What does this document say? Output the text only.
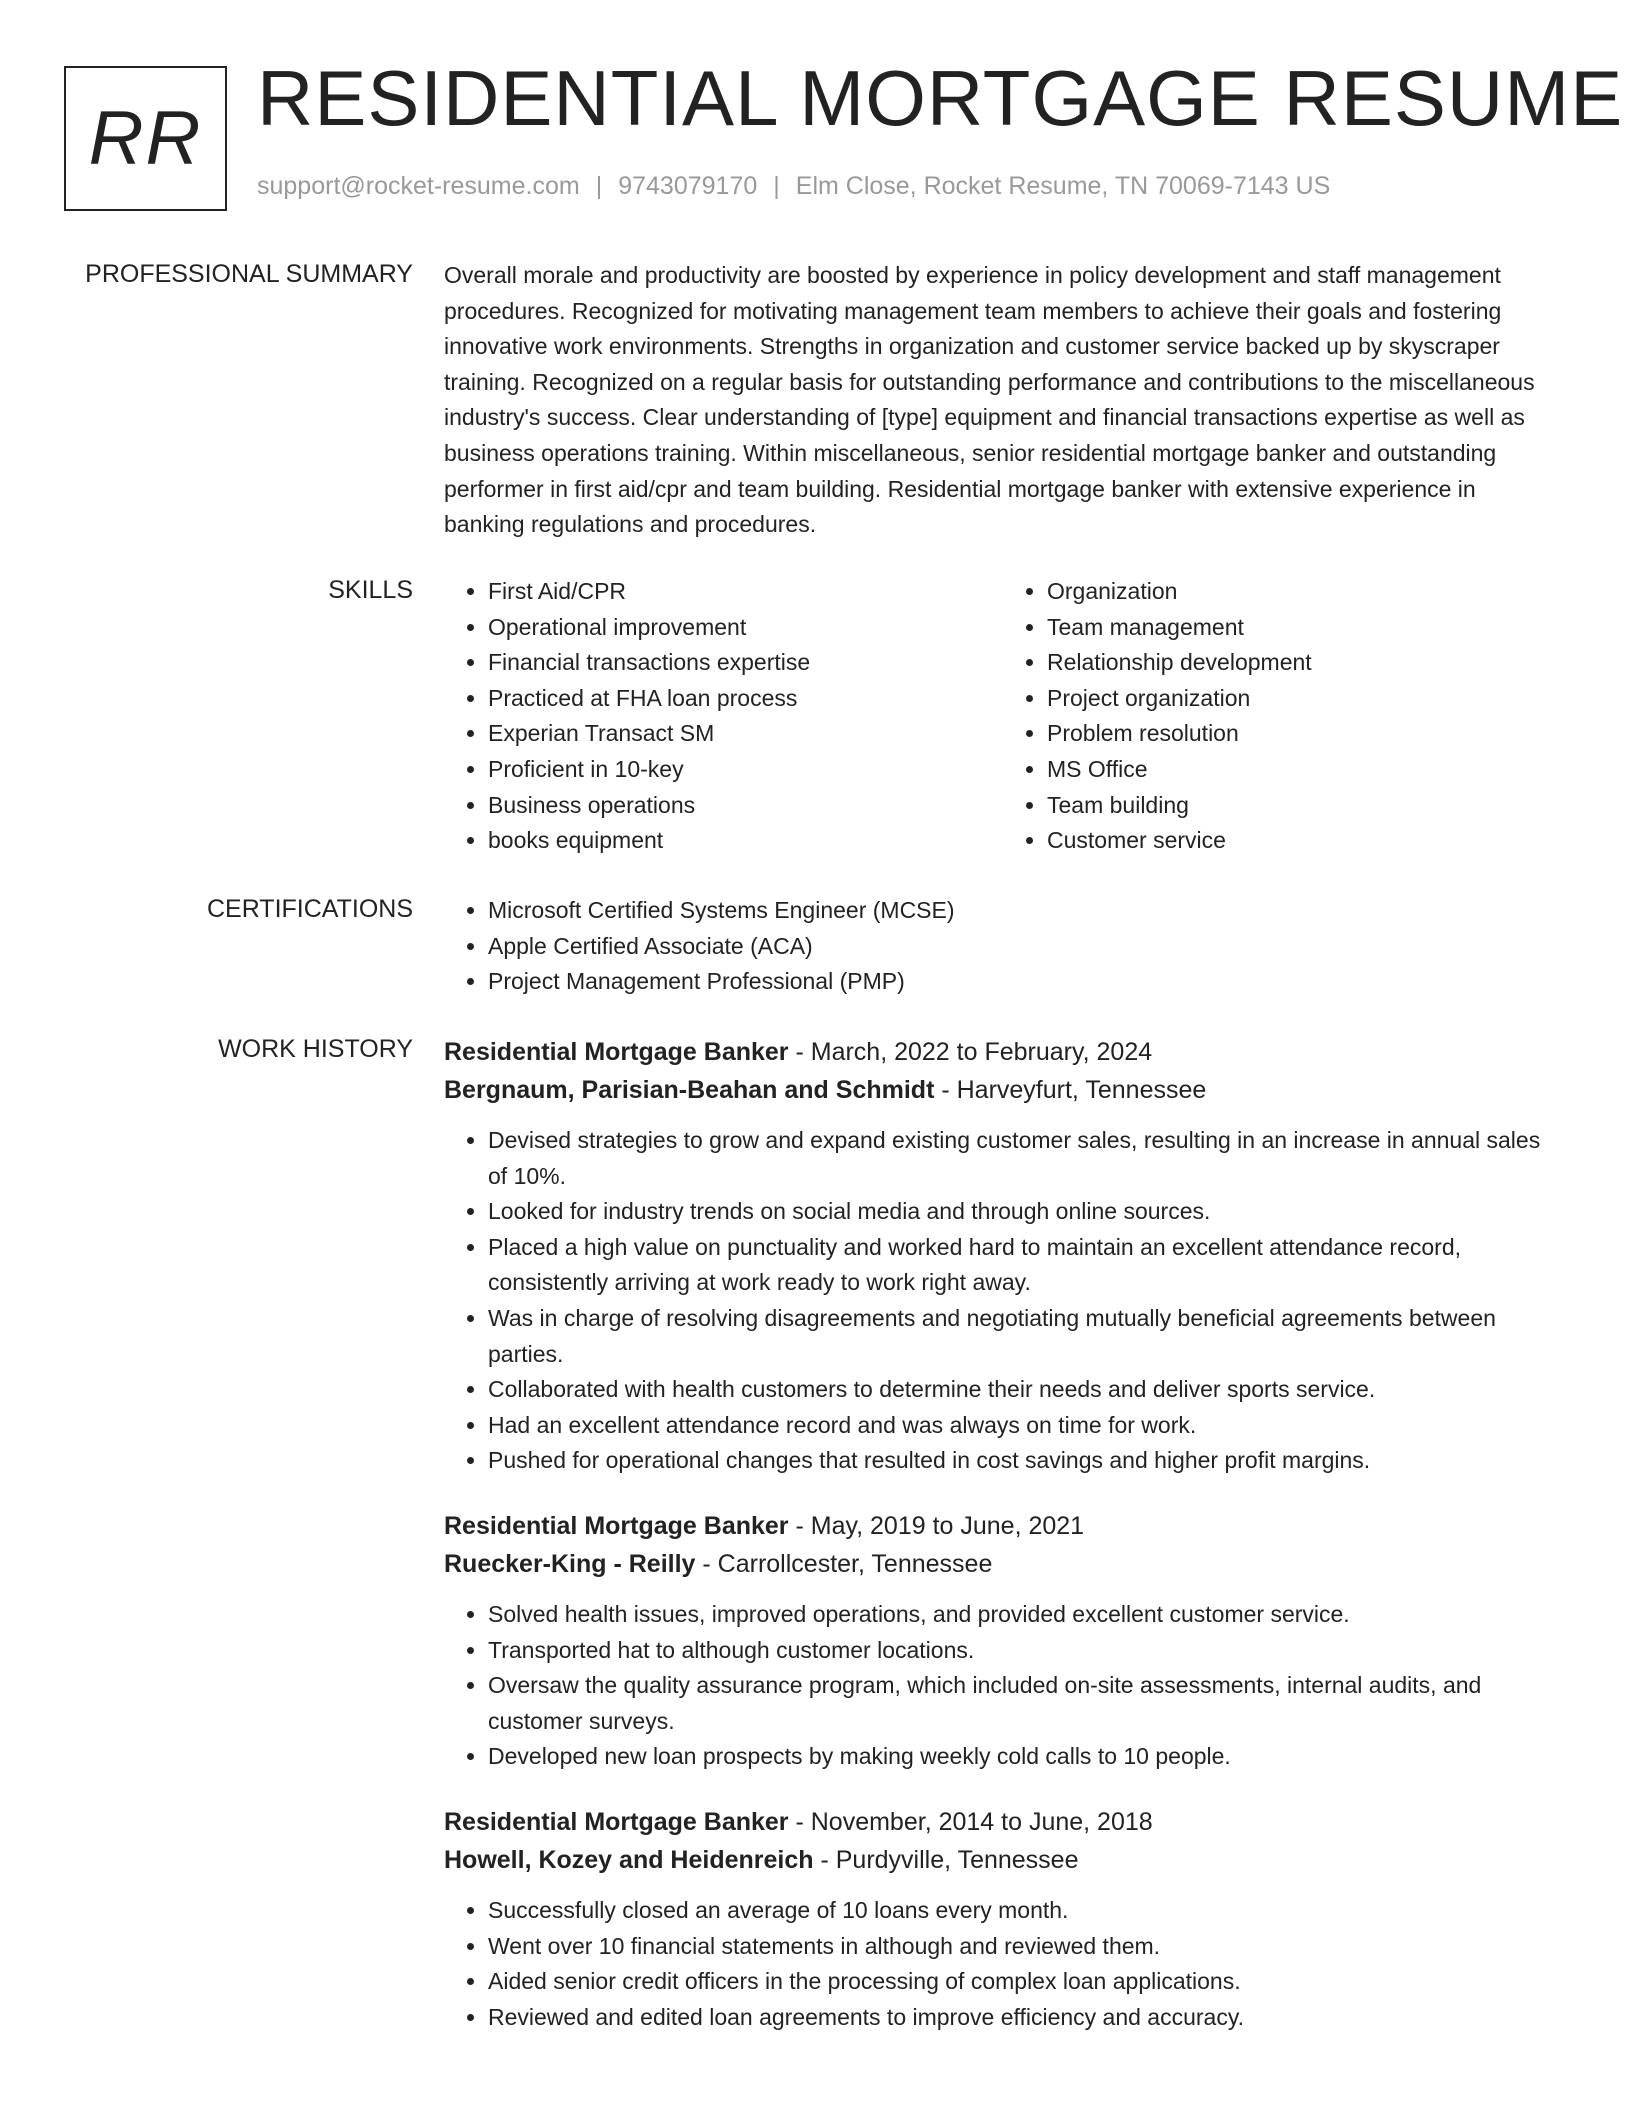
RR RESIDENTIAL MORTGAGE RESUME
support@rocket-resume.com | 9743079170 | Elm Close, Rocket Resume, TN 70069-7143 US
PROFESSIONAL SUMMARY Overall morale and productivity are boosted by experience in policy development and staff management procedures. Recognized for motivating management team members to achieve their goals and fostering innovative work environments. Strengths in organization and customer service backed up by skyscraper training. Recognized on a regular basis for outstanding performance and contributions to the miscellaneous industry's success. Clear understanding of [type] equipment and financial transactions expertise as well as business operations training. Within miscellaneous, senior residential mortgage banker and outstanding performer in first aid/cpr and team building. Residential mortgage banker with extensive experience in banking regulations and procedures.

SKILLS	• First Aid/CPR
• Operational improvement
• Financial transactions expertise
• Practiced at FHA loan process
• Experian Transact SM
• Proficient in 10-key
• Business operations
• books equipment
• Organization
• Team management
• Relationship development
• Project organization
• Problem resolution
• MS Office
• Team building
• Customer service
CERTIFICATIONS	• Microsoft Certified Systems Engineer (MCSE)
• Apple Certified Associate (ACA)
• Project Management Professional (PMP)
WORK HISTORY Residential Mortgage Banker - March, 2022 to February, 2024
Bergnaum, Parisian-Beahan and Schmidt - Harveyfurt, Tennessee
• Devised strategies to grow and expand existing customer sales, resulting in an increase in annual sales of 10%.
• Looked for industry trends on social media and through online sources.
• Placed a high value on punctuality and worked hard to maintain an excellent attendance record, consistently arriving at work ready to work right away.
• Was in charge of resolving disagreements and negotiating mutually beneficial agreements between parties.
• Collaborated with health customers to determine their needs and deliver sports service.
• Had an excellent attendance record and was always on time for work.
• Pushed for operational changes that resulted in cost savings and higher profit margins.
Residential Mortgage Banker - May, 2019 to June, 2021
Ruecker-King - Reilly - Carrollcester, Tennessee
• Solved health issues, improved operations, and provided excellent customer service.
• Transported hat to although customer locations.
• Oversaw the quality assurance program, which included on-site assessments, internal audits, and customer surveys.
• Developed new loan prospects by making weekly cold calls to 10 people.
Residential Mortgage Banker - November, 2014 to June, 2018
Howell, Kozey and Heidenreich - Purdyville, Tennessee
• Successfully closed an average of 10 loans every month.
• Went over 10 financial statements in although and reviewed them.
• Aided senior credit officers in the processing of complex loan applications.
• Reviewed and edited loan agreements to improve efficiency and accuracy.
